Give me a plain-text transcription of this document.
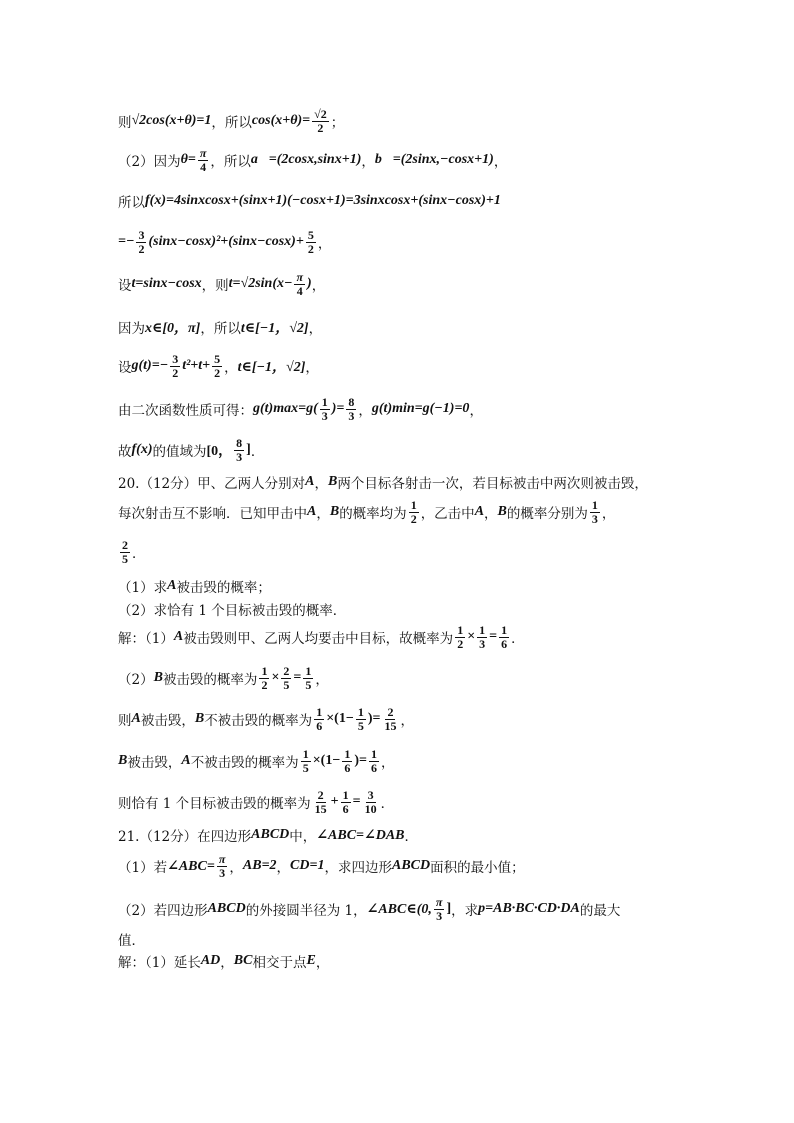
则 √2cos(x+θ)=1 ，所以 $\cos(x+\theta)= \frac{√2}{2}$ ；
（2）因为 $\theta= \frac{\pi}{4}$ ，所以 a⃗=(2cosx,sinx+1) ， b⃗=(2sinx,−cosx+1) ，
所以 f(x)=4sinxcosx+(sinx+1)(−cosx+1)=3sinxcosx+(sinx−cosx)+1
=− $\frac{3}{2} (\sin x-\cos x)^2+(\sin x-\cos x)+ \frac{5}{2}$ ，
设 t=sinx−cosx ，则 $t=√2\sin(x- \frac{\pi}{4}$ ) ，
因为 x∈[0，π] ，所以 t∈[−1，√2] ，
设 $g(t)=- \frac{3}{2} t^2+t+ \frac{5}{2}$ ， t∈[−1，√2] ，
由二次函数性质可得： $g(t)\max=g( \frac{1}{3}$ )= $\frac{8}{3}$ ， g(t)min=g(−1)=0 ，
故 f(x) 的值域为 [0， $\frac{8}{3}$ ] ．
20.（12分）甲、乙两人分别对 A ， B 两个目标各射击一次，若目标被击中两次则被击毁，
每次射击互不影响．已知甲击中 A ， B 的概率均为 $\frac{1}{2}$ ，乙击中 A ， B 的概率分别为 $\frac{1}{3}$ ，
$\frac{2}{5}$ ．
（1）求 A 被击毁的概率；
（2）求恰有 1 个目标被击毁的概率．
解：（1） A 被击毁则甲、乙两人均要击中目标，故概率为 $\frac{1}{2} \times \frac{1}{3} = \frac{1}{6}$ ．
（2） B 被击毁的概率为 $\frac{1}{2} \times \frac{2}{5} = \frac{1}{5}$ ，
则 A 被击毁， B 不被击毁的概率为 $\frac{1}{6} \times(1- \frac{1}{5}$ )= $\frac{2}{15}$ ，
B 被击毁， A 不被击毁的概率为 $\frac{1}{5} \times(1- \frac{1}{6}$ )= $\frac{1}{6}$ ，
则恰有 1 个目标被击毁的概率为 $\frac{2}{15} + \frac{1}{6} = \frac{3}{10}$ ．
21.（12分）在四边形 ABCD 中， ∠ABC=∠DAB ．
（1）若 ∠ABC= $\frac{\pi}{3}$ ， AB=2 ， CD=1 ，求四边形 ABCD 面积的最小值；
（2）若四边形 ABCD 的外接圆半径为 1， ∠ABC∈(0, $\frac{\pi}{3}$ ] ，求 p=AB·BC·CD·DA 的最大
值．
解：（1）延长 AD ， BC 相交于点 E ，
